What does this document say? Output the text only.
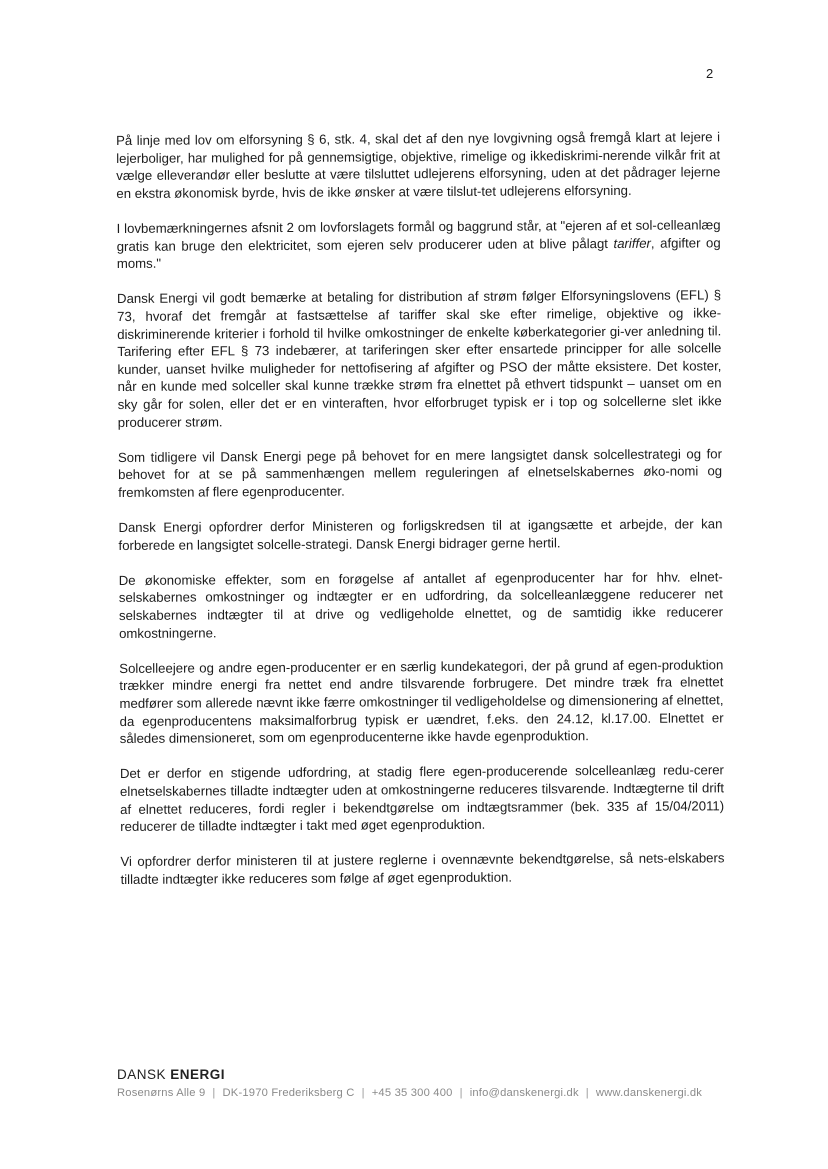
2

På linje med lov om elforsyning § 6, stk. 4, skal det af den nye lovgivning også fremgå klart at lejere i lejerboliger, har mulighed for på gennemsigtige, objektive, rimelige og ikkediskrimi-nerende vilkår frit at vælge elleverandør eller beslutte at være tilsluttet udlejerens elforsyning, uden at det pådrager lejerne en ekstra økonomisk byrde, hvis de ikke ønsker at være tilslut-tet udlejerens elforsyning.

I lovbemærkningernes afsnit 2 om lovforslagets formål og baggrund står, at "ejeren af et sol-celleanlæg gratis kan bruge den elektricitet, som ejeren selv producerer uden at blive pålagt tariffer, afgifter og moms."

Dansk Energi vil godt bemærke at betaling for distribution af strøm følger Elforsyningslovens (EFL) § 73, hvoraf det fremgår at fastsættelse af tariffer skal ske efter rimelige, objektive og ikke-diskriminerende kriterier i forhold til hvilke omkostninger de enkelte køberkategorier gi-ver anledning til. Tarifering efter EFL § 73 indebærer, at tariferingen sker efter ensartede principper for alle solcelle kunder, uanset hvilke muligheder for nettofisering af afgifter og PSO der måtte eksistere. Det koster, når en kunde med solceller skal kunne trække strøm fra elnettet på ethvert tidspunkt – uanset om en sky går for solen, eller det er en vinteraften, hvor elforbruget typisk er i top og solcellerne slet ikke producerer strøm.

Som tidligere vil Dansk Energi pege på behovet for en mere langsigtet dansk solcellestrategi og for behovet for at se på sammenhængen mellem reguleringen af elnetselskabernes øko-nomi og fremkomsten af flere egenproducenter.

Dansk Energi opfordrer derfor Ministeren og forligskredsen til at igangsætte et arbejde, der kan forberede en langsigtet solcelle-strategi. Dansk Energi bidrager gerne hertil.

De økonomiske effekter, som en forøgelse af antallet af egenproducenter har for hhv. elnet-selskabernes omkostninger og indtægter er en udfordring, da solcelleanlæggene reducerer net selskabernes indtægter til at drive og vedligeholde elnettet, og de samtidig ikke reducerer omkostningerne.

Solcelleejere og andre egen-producenter er en særlig kundekategori, der på grund af egen-produktion trækker mindre energi fra nettet end andre tilsvarende forbrugere. Det mindre træk fra elnettet medfører som allerede nævnt ikke færre omkostninger til vedligeholdelse og dimensionering af elnettet, da egenproducentens maksimalforbrug typisk er uændret, f.eks. den 24.12, kl.17.00. Elnettet er således dimensioneret, som om egenproducenterne ikke havde egenproduktion.

Det er derfor en stigende udfordring, at stadig flere egen-producerende solcelleanlæg redu-cerer elnetselskabernes tilladte indtægter uden at omkostningerne reduceres tilsvarende. Indtægterne til drift af elnettet reduceres, fordi regler i bekendtgørelse om indtægtsrammer (bek. 335 af 15/04/2011) reducerer de tilladte indtægter i takt med øget egenproduktion.

Vi opfordrer derfor ministeren til at justere reglerne i ovennævnte bekendtgørelse, så nets-elskabers tilladte indtægter ikke reduceres som følge af øget egenproduktion.

DANSK ENERGI
Rosenørns Alle 9 | DK-1970 Frederiksberg C | +45 35 300 400 | info@danskenergi.dk | www.danskenergi.dk
